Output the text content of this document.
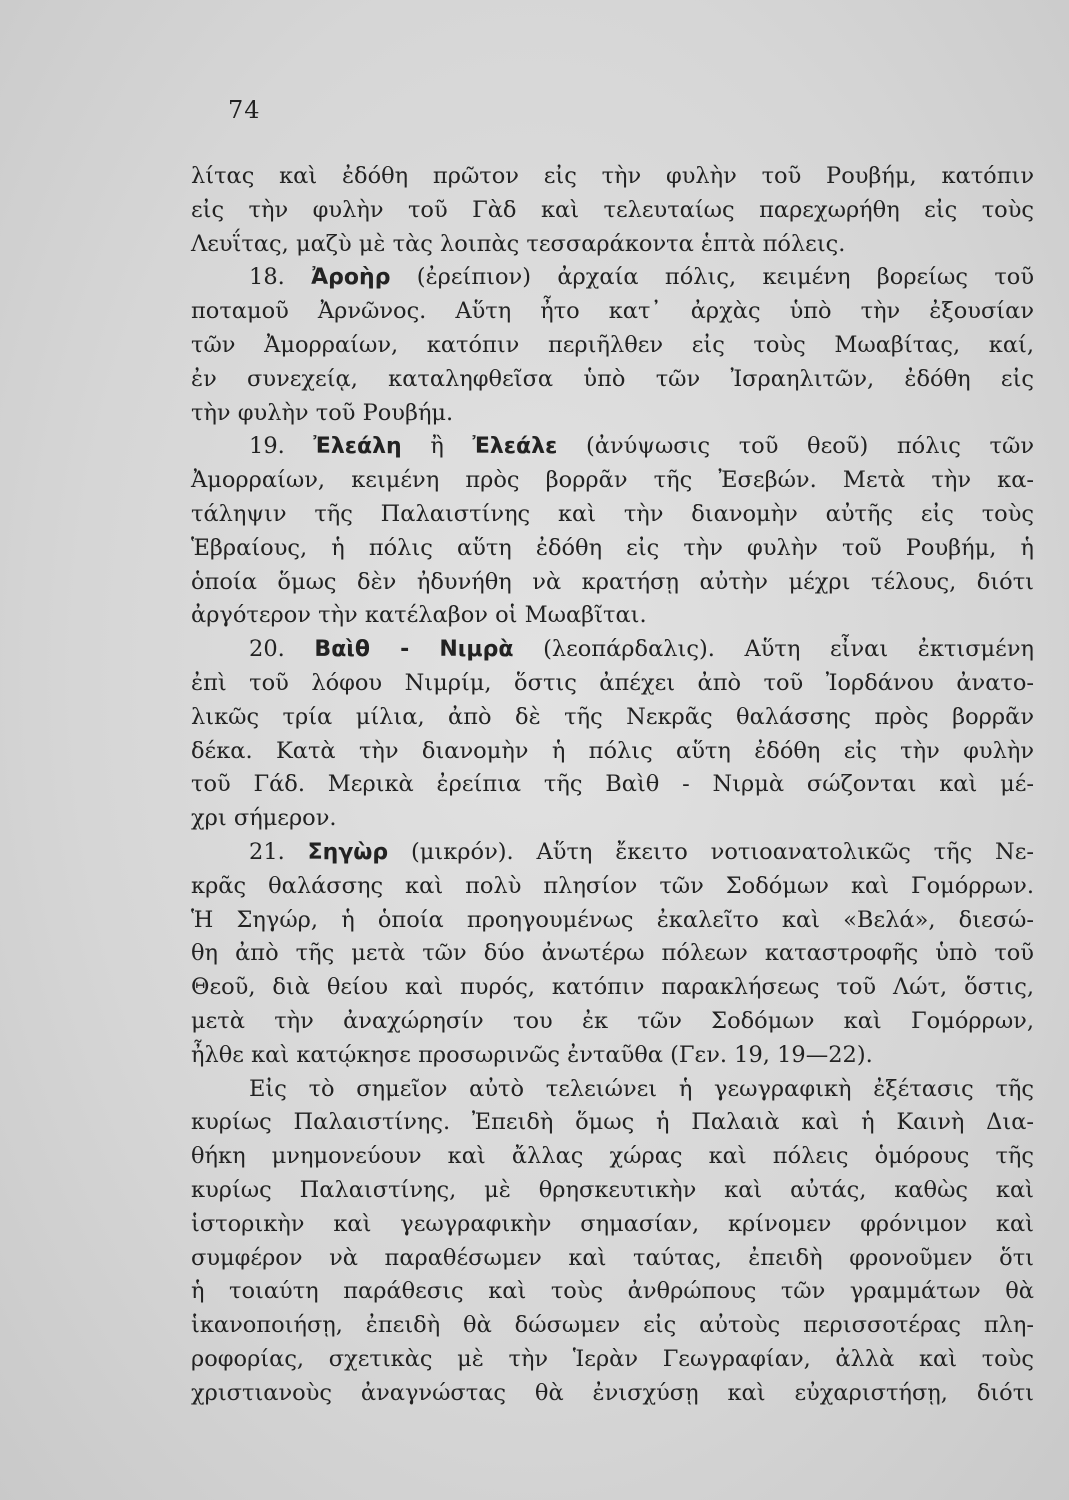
74
λίτας καὶ ἐδόθη πρῶτον εἰς τὴν φυλὴν τοῦ Ρουβήμ, κατόπιν
εἰς τὴν φυλὴν τοῦ Γὰδ καὶ τελευταίως παρεχωρήθη εἰς τοὺς
Λευΐτας, μαζὺ μὲ τὰς λοιπὰς τεσσαράκοντα ἑπτὰ πόλεις.
18. Ἀροὴρ (ἐρείπιον) ἀρχαία πόλις, κειμένη βορείως τοῦ
ποταμοῦ Ἀρνῶνος. Αὕτη ἦτο κατ᾽ ἀρχὰς ὑπὸ τὴν ἐξουσίαν
τῶν Ἀμορραίων, κατόπιν περιῆλθεν εἰς τοὺς Μωαβίτας, καί,
ἐν συνεχείᾳ, καταληφθεῖσα ὑπὸ τῶν Ἰσραηλιτῶν, ἐδόθη εἰς
τὴν φυλὴν τοῦ Ρουβήμ.
19. Ἐλεάλη ἢ Ἐλεάλε (ἀνύψωσις τοῦ θεοῦ) πόλις τῶν
Ἀμορραίων, κειμένη πρὸς βορρᾶν τῆς Ἐσεβών. Μετὰ τὴν κα-
τάληψιν τῆς Παλαιστίνης καὶ τὴν διανομὴν αὐτῆς εἰς τοὺς
Ἑβραίους, ἡ πόλις αὕτη ἐδόθη εἰς τὴν φυλὴν τοῦ Ρουβήμ, ἡ
ὁποία ὅμως δὲν ἠδυνήθη νὰ κρατήσῃ αὐτὴν μέχρι τέλους, διότι
ἀργότερον τὴν κατέλαβον οἱ Μωαβῖται.
20. Βαὶθ - Νιμρὰ (λεοπάρδαλις). Αὕτη εἶναι ἐκτισμένη
ἐπὶ τοῦ λόφου Νιμρίμ, ὅστις ἀπέχει ἀπὸ τοῦ Ἰορδάνου ἀνατο-
λικῶς τρία μίλια, ἀπὸ δὲ τῆς Νεκρᾶς θαλάσσης πρὸς βορρᾶν
δέκα. Κατὰ τὴν διανομὴν ἡ πόλις αὕτη ἐδόθη εἰς τὴν φυλὴν
τοῦ Γάδ. Μερικὰ ἐρείπια τῆς Βαὶθ - Νιρμὰ σώζονται καὶ μέ-
χρι σήμερον.
21. Σηγὼρ (μικρόν). Αὕτη ἔκειτο νοτιοανατολικῶς τῆς Νε-
κρᾶς θαλάσσης καὶ πολὺ πλησίον τῶν Σοδόμων καὶ Γομόρρων.
Ἡ Σηγώρ, ἡ ὁποία προηγουμένως ἐκαλεῖτο καὶ «Βελά», διεσώ-
θη ἀπὸ τῆς μετὰ τῶν δύο ἀνωτέρω πόλεων καταστροφῆς ὑπὸ τοῦ
Θεοῦ, διὰ θείου καὶ πυρός, κατόπιν παρακλήσεως τοῦ Λώτ, ὅστις,
μετὰ τὴν ἀναχώρησίν του ἐκ τῶν Σοδόμων καὶ Γομόρρων,
ἦλθε καὶ κατῴκησε προσωρινῶς ἐνταῦθα (Γεν. 19, 19—22).
Εἰς τὸ σημεῖον αὐτὸ τελειώνει ἡ γεωγραφικὴ ἐξέτασις τῆς
κυρίως Παλαιστίνης. Ἐπειδὴ ὅμως ἡ Παλαιὰ καὶ ἡ Καινὴ Δια-
θήκη μνημονεύουν καὶ ἄλλας χώρας καὶ πόλεις ὁμόρους τῆς
κυρίως Παλαιστίνης, μὲ θρησκευτικὴν καὶ αὐτάς, καθὼς καὶ
ἱστορικὴν καὶ γεωγραφικὴν σημασίαν, κρίνομεν φρόνιμον καὶ
συμφέρον νὰ παραθέσωμεν καὶ ταύτας, ἐπειδὴ φρονοῦμεν ὅτι
ἡ τοιαύτη παράθεσις καὶ τοὺς ἀνθρώπους τῶν γραμμάτων θὰ
ἱκανοποιήσῃ, ἐπειδὴ θὰ δώσωμεν εἰς αὐτοὺς περισσοτέρας πλη-
ροφορίας, σχετικὰς μὲ τὴν Ἱερὰν Γεωγραφίαν, ἀλλὰ καὶ τοὺς
χριστιανοὺς ἀναγνώστας θὰ ἐνισχύσῃ καὶ εὐχαριστήσῃ, διότι
